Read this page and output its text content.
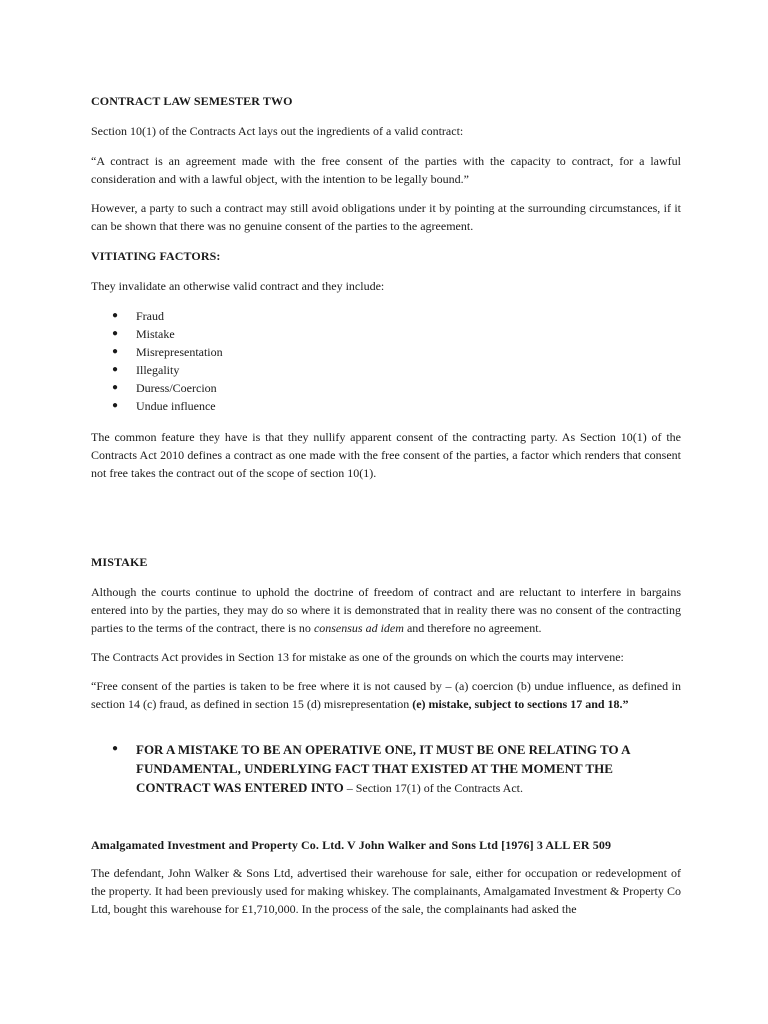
CONTRACT LAW SEMESTER TWO

Section 10(1) of the Contracts Act lays out the ingredients of a valid contract:

“A contract is an agreement made with the free consent of the parties with the capacity to contract, for a lawful consideration and with a lawful object, with the intention to be legally bound.”

However, a party to such a contract may still avoid obligations under it by pointing at the surrounding circumstances, if it can be shown that there was no genuine consent of the parties to the agreement.

VITIATING FACTORS:

They invalidate an otherwise valid contract and they include:

● Fraud
● Mistake
● Misrepresentation
● Illegality
● Duress/Coercion
● Undue influence

The common feature they have is that they nullify apparent consent of the contracting party. As Section 10(1) of the Contracts Act 2010 defines a contract as one made with the free consent of the parties, a factor which renders that consent not free takes the contract out of the scope of section 10(1).

MISTAKE

Although the courts continue to uphold the doctrine of freedom of contract and are reluctant to interfere in bargains entered into by the parties, they may do so where it is demonstrated that in reality there was no consent of the contracting parties to the terms of the contract, there is no consensus ad idem and therefore no agreement.

The Contracts Act provides in Section 13 for mistake as one of the grounds on which the courts may intervene:

“Free consent of the parties is taken to be free where it is not caused by – (a) coercion (b) undue influence, as defined in section 14 (c) fraud, as defined in section 15 (d) misrepresentation (e) mistake, subject to sections 17 and 18.”

● FOR A MISTAKE TO BE AN OPERATIVE ONE, IT MUST BE ONE RELATING TO A FUNDAMENTAL, UNDERLYING FACT THAT EXISTED AT THE MOMENT THE CONTRACT WAS ENTERED INTO – Section 17(1) of the Contracts Act.

Amalgamated Investment and Property Co. Ltd. V John Walker and Sons Ltd [1976] 3 ALL ER 509

The defendant, John Walker & Sons Ltd, advertised their warehouse for sale, either for occupation or redevelopment of the property. It had been previously used for making whiskey. The complainants, Amalgamated Investment & Property Co Ltd, bought this warehouse for £1,710,000. In the process of the sale, the complainants had asked the
